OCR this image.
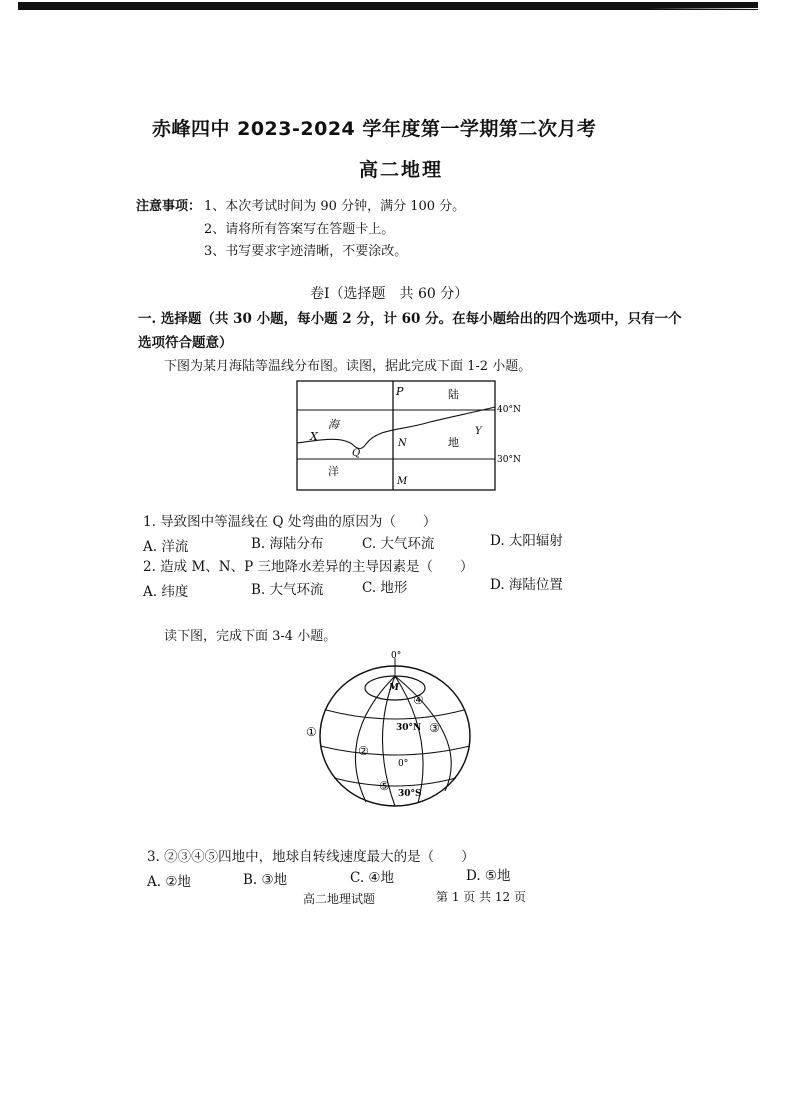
赤峰四中 2023-2024 学年度第一学期第二次月考
高二地理
注意事项： 1、本次考试时间为 90 分钟，满分 100 分。
2、请将所有答案写在答题卡上。
3、书写要求字迹清晰，不要涂改。
卷Ⅰ（选择题　共 60 分）
一. 选择题（共 30 小题，每小题 2 分，计 60 分。在每小题给出的四个选项中，只有一个
选项符合题意）
下图为某月海陆等温线分布图。读图，据此完成下面 1-2 小题。
P	陆
40°N
海
X
Q
N	地
Y
30°N
洋
M
1. 导致图中等温线在 Q 处弯曲的原因为（　　）
A. 洋流	B. 海陆分布	C. 大气环流	D. 太阳辐射
2. 造成 M、N、P 三地降水差异的主导因素是（　　）
A. 纬度	B. 大气环流	C. 地形	D. 海陆位置
读下图，完成下面 3-4 小题。
0°
M
④
①	30°N ③
②
0°
⑤
30°S
3. ②③④⑤四地中，地球自转线速度最大的是（　　）
A. ②地	B. ③地	C. ④地	D. ⑤地
高二地理试题	第 1 页 共 12 页
